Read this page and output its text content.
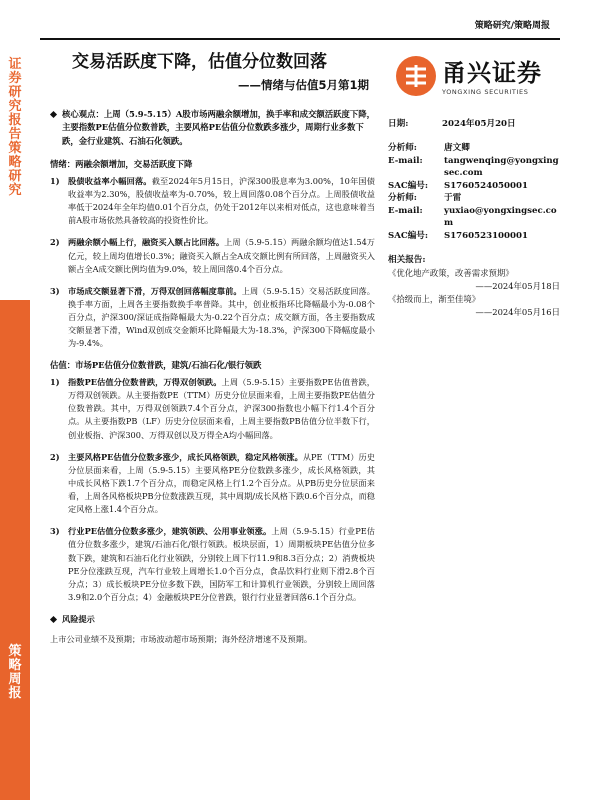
证券研究报告 策略研究
策略周报
策略研究/策略周报
交易活跃度下降，估值分位数回落
——情绪与估值5月第1期	甬兴证券
YONGXING SECURITIES
日期:	2024年05月20日
分析师:	唐文卿
E-mail:	tangwenqing@yongxingsec.com
SAC编号: S1760524050001
分析师:	于雷
E-mail:	yuxiao@yongxingsec.com
SAC编号: S1760523100001
相关报告:
《优化地产政策，改善需求预期》
——2024年05月18日
《拾级而上，渐至佳境》
——2024年05月16日
核心观点：上周（5.9-5.15）A股市场两融余额增加，换手率和成交额活跃度下降，主要指数PE估值分位数普跌，主要风格PE估值分位数跌多涨少，周期行业多数下跌，金行业建筑、石油石化领跌。
情绪：两融余额增加，交易活跃度下降
1)	股债收益率小幅回落。截至2024年5月15日，沪深300股息率为3.00%，10年国债收益率为2.30%，股债收益率为-0.70%，较上周回落0.08个百分点。上周股债收益率低于2024年全年均值0.01个百分点，仍处于2012年以来相对低点，这也意味着当前A股市场依然具备较高的投资性价比。
2)	两融余额小幅上行，融资买入额占比回落。上周（5.9-5.15）两融余额均值达1.54万亿元，较上周均值增长0.3%；融资买入额占全A成交额比例有所回落，上周融资买入额占全A成交额比例均值为9.0%，较上周回落0.4个百分点。
3)	市场成交额显著下滑，万得双创回落幅度靠前。上周（5.9-5.15）交易活跃度回落。换手率方面，上周各主要指数换手率普降。其中，创业板指环比降幅最小为-0.08个百分点，沪深300/深证成指降幅最大为-0.22个百分点；成交额方面，各主要指数成交额显著下滑，Wind双创成交金额环比降幅最大为-18.3%，沪深300下降幅度最小为-9.4%。
估值：市场PE估值分位数普跌，建筑/石油石化/银行领跌
1)	指数PE估值分位数普跌，万得双创领跌。上周（5.9-5.15）主要指数PE估值普跌，万得双创领跌。从主要指数PE（TTM）历史分位层面来看，上周主要指数PE估值分位数普跌。其中，万得双创领跌7.4个百分点，沪深300指数也小幅下行1.4个百分点。从主要指数PB（LF）历史分位层面来看，上周主要指数PB估值分位半数下行，创业板指、沪深300、万得双创以及万得全A均小幅回落。
2)	主要风格PE估值分位数多涨少，成长风格领跌，稳定风格领涨。从PE（TTM）历史分位层面来看，上周（5.9-5.15）主要风格PE分位数跌多涨少，成长风格领跌，其中成长风格下跌1.7个百分点，而稳定风格上行1.2个百分点。从PB历史分位层面来看，上周各风格板块PB分位数涨跌互现，其中周期/成长风格下跌0.6个百分点，而稳定风格上涨1.4个百分点。
3)	行业PE估值分位数多涨少，建筑领跌、公用事业领涨。上周（5.9-5.15）行业PE估值分位数多涨少，建筑/石油石化/银行领跌。板块层面，1）周期板块PE估值分位多数下跌，建筑和石油石化行业领跌，分别较上周下行11.9和8.3百分点；2）消费板块PE分位涨跌互现，汽车行业较上周增长1.0个百分点，食品饮料行业则下滑2.8个百分点；3）成长板块PE分位多数下跌，国防军工和计算机行业领跌，分别较上周回落3.9和2.0个百分点；4）金融板块PE分位普跌，银行行业显著回落6.1个百分点。
风险提示
上市公司业绩不及预期；市场波动超市场预期；海外经济增速不及预期。
